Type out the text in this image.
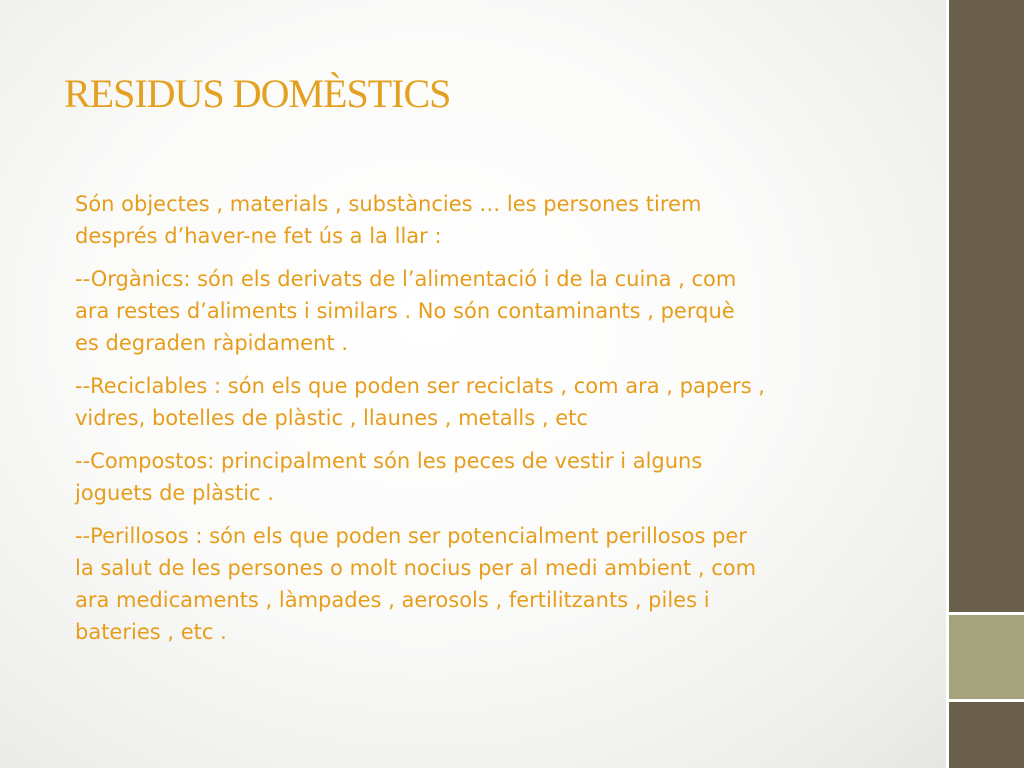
RESIDUS DOMÈSTICS

Són objectes , materials , substàncies … les persones tirem
després d’haver-ne fet ús a la llar :

--Orgànics: són els derivats de l’alimentació i de la cuina , com
ara restes d’aliments i similars . No són contaminants , perquè
es degraden ràpidament .

--Reciclables : són els que poden ser reciclats , com ara , papers ,
vidres, botelles de plàstic , llaunes , metalls , etc

--Compostos: principalment són les peces de vestir i alguns
joguets de plàstic .

--Perillosos : són els que poden ser potencialment perillosos per
la salut de les persones o molt nocius per al medi ambient , com
ara medicaments , làmpades , aerosols , fertilitzants , piles i
bateries , etc .
